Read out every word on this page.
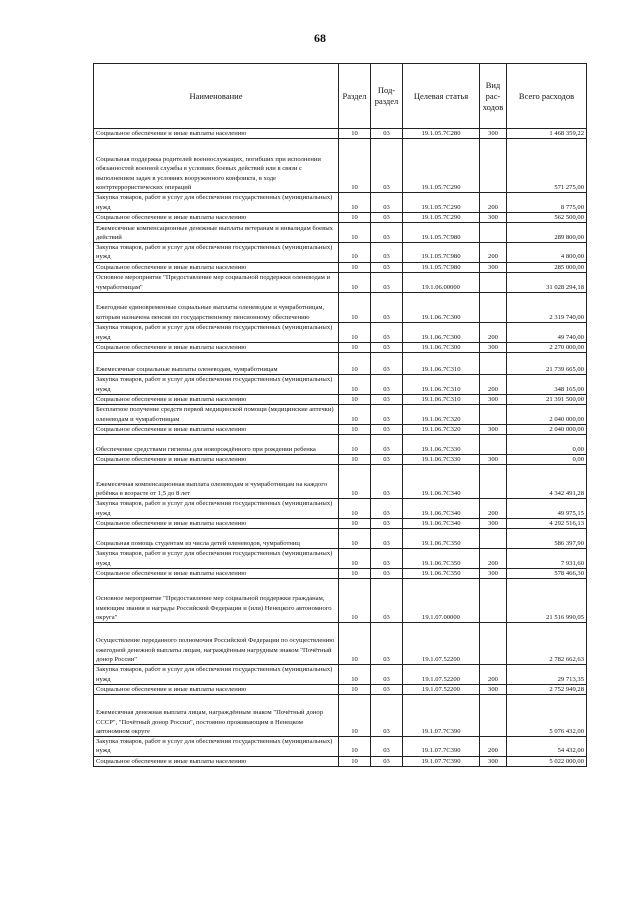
68
Наименование	Раздел	Под-раздел	Целевая статья	Вид рас-ходов	Всего расходов
Социальное обеспечение и иные выплаты населению	10	03	19.1.05.7C280	300	1 468 359,22
Социальная поддержка родителей военнослужащих, погибших при исполнении обязанностей военной службы в условиях боевых действий или в связи с выполнением задач в условиях вооруженного конфликта, в ходе контртеррористических операций	10	03	19.1.05.7C290		571 275,00
Закупка товаров, работ и услуг для обеспечения государственных (муниципальных) нужд	10	03	19.1.05.7C290	200	8 775,00
Социальное обеспечение и иные выплаты населению	10	03	19.1.05.7C290	300	562 500,00
Ежемесячные компенсационные денежные выплаты ветеранам и инвалидам боевых действий	10	03	19.1.05.7C980		289 800,00
Закупка товаров, работ и услуг для обеспечения государственных (муниципальных) нужд	10	03	19.1.05.7C980	200	4 800,00
Социальное обеспечение и иные выплаты населению	10	03	19.1.05.7C980	300	285 000,00
Основное мероприятие "Предоставление мер социальной поддержки оленеводам и чумработницам"	10	03	19.1.06.00000		31 028 294,18
Ежегодные единовременные социальные выплаты оленеводам и чумработницам, которым назначена пенсия по государственному пенсионному обеспечению	10	03	19.1.06.7C300		2 319 740,00
Закупка товаров, работ и услуг для обеспечения государственных (муниципальных) нужд	10	03	19.1.06.7C300	200	49 740,00
Социальное обеспечение и иные выплаты населению	10	03	19.1.06.7C300	300	2 270 000,00
Ежемесячные социальные выплаты оленеводам, чумработницам	10	03	19.1.06.7C310		21 739 665,00
Закупка товаров, работ и услуг для обеспечения государственных (муниципальных) нужд	10	03	19.1.06.7C310	200	348 165,00
Социальное обеспечение и иные выплаты населению	10	03	19.1.06.7C310	300	21 391 500,00
Бесплатное получение средств первой медицинской помощи (медицинские аптечки) оленеводам и чумработницам	10	03	19.1.06.7C320		2 040 000,00
Социальное обеспечение и иные выплаты населению	10	03	19.1.06.7C320	300	2 040 000,00
Обеспечение средствами гигиены для новорождённого при рождении ребенка	10	03	19.1.06.7C330		0,00
Социальное обеспечение и иные выплаты населению	10	03	19.1.06.7C330	300	0,00
Ежемесячная компенсационная выплата оленеводам и чумработницам на каждого ребёнка в возрасте от 1,5 до 8 лет	10	03	19.1.06.7C340		4 342 491,28
Закупка товаров, работ и услуг для обеспечения государственных (муниципальных) нужд	10	03	19.1.06.7C340	200	49 975,15
Социальное обеспечение и иные выплаты населению	10	03	19.1.06.7C340	300	4 292 516,13
Социальная помощь студентам из числа детей оленеводов, чумработниц	10	03	19.1.06.7C350		586 397,90
Закупка товаров, работ и услуг для обеспечения государственных (муниципальных) нужд	10	03	19.1.06.7C350	200	7 931,60
Социальное обеспечение и иные выплаты населению	10	03	19.1.06.7C350	300	578 466,30
Основное мероприятие "Предоставление мер социальной поддержки гражданам, имеющим звания и награды Российской Федерации и (или) Ненецкого автономного округа"	10	03	19.1.07.00000		21 516 990,05
Осуществление переданного полномочия Российской Федерации по осуществлению ежегодной денежной выплаты лицам, награждённым нагрудным знаком "Почётный донор России"	10	03	19.1.07.52200		2 782 662,63
Закупка товаров, работ и услуг для обеспечения государственных (муниципальных) нужд	10	03	19.1.07.52200	200	29 713,35
Социальное обеспечение и иные выплаты населению	10	03	19.1.07.52200	300	2 752 949,28
Ежемесячная денежная выплата лицам, награждённым знаком "Почётный донор СССР", "Почётный донор России", постоянно проживающим в Ненецком автономном округе	10	03	19.1.07.7C390		5 076 432,00
Закупка товаров, работ и услуг для обеспечения государственных (муниципальных) нужд	10	03	19.1.07.7C390	200	54 432,00
Социальное обеспечение и иные выплаты населению	10	03	19.1.07.7C390	300	5 022 000,00
